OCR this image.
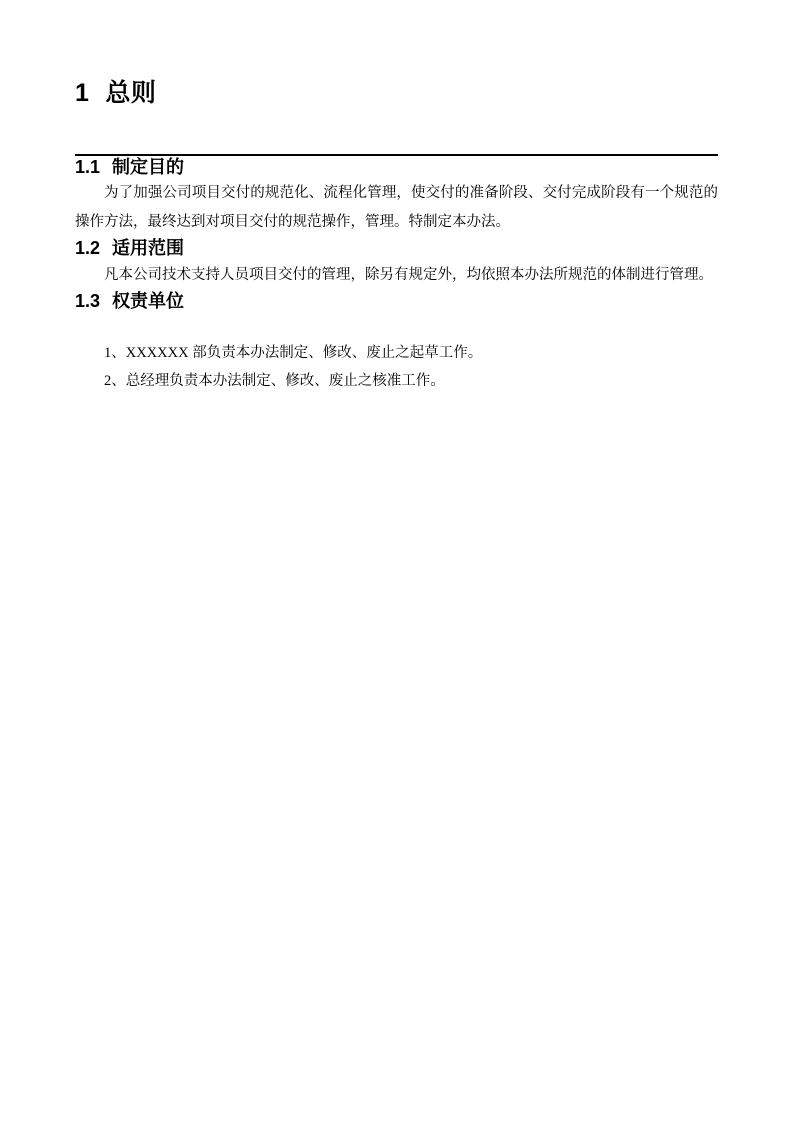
1 总则
1.1 制定目的

为了加强公司项目交付的规范化、流程化管理，使交付的准备阶段、交付完成阶段有一个规范的操作方法，最终达到对项目交付的规范操作，管理。特制定本办法。

1.2 适用范围

凡本公司技术支持人员项目交付的管理，除另有规定外，均依照本办法所规范的体制进行管理。

1.3 权责单位

1、XXXXXX 部负责本办法制定、修改、废止之起草工作。

2、总经理负责本办法制定、修改、废止之核准工作。
